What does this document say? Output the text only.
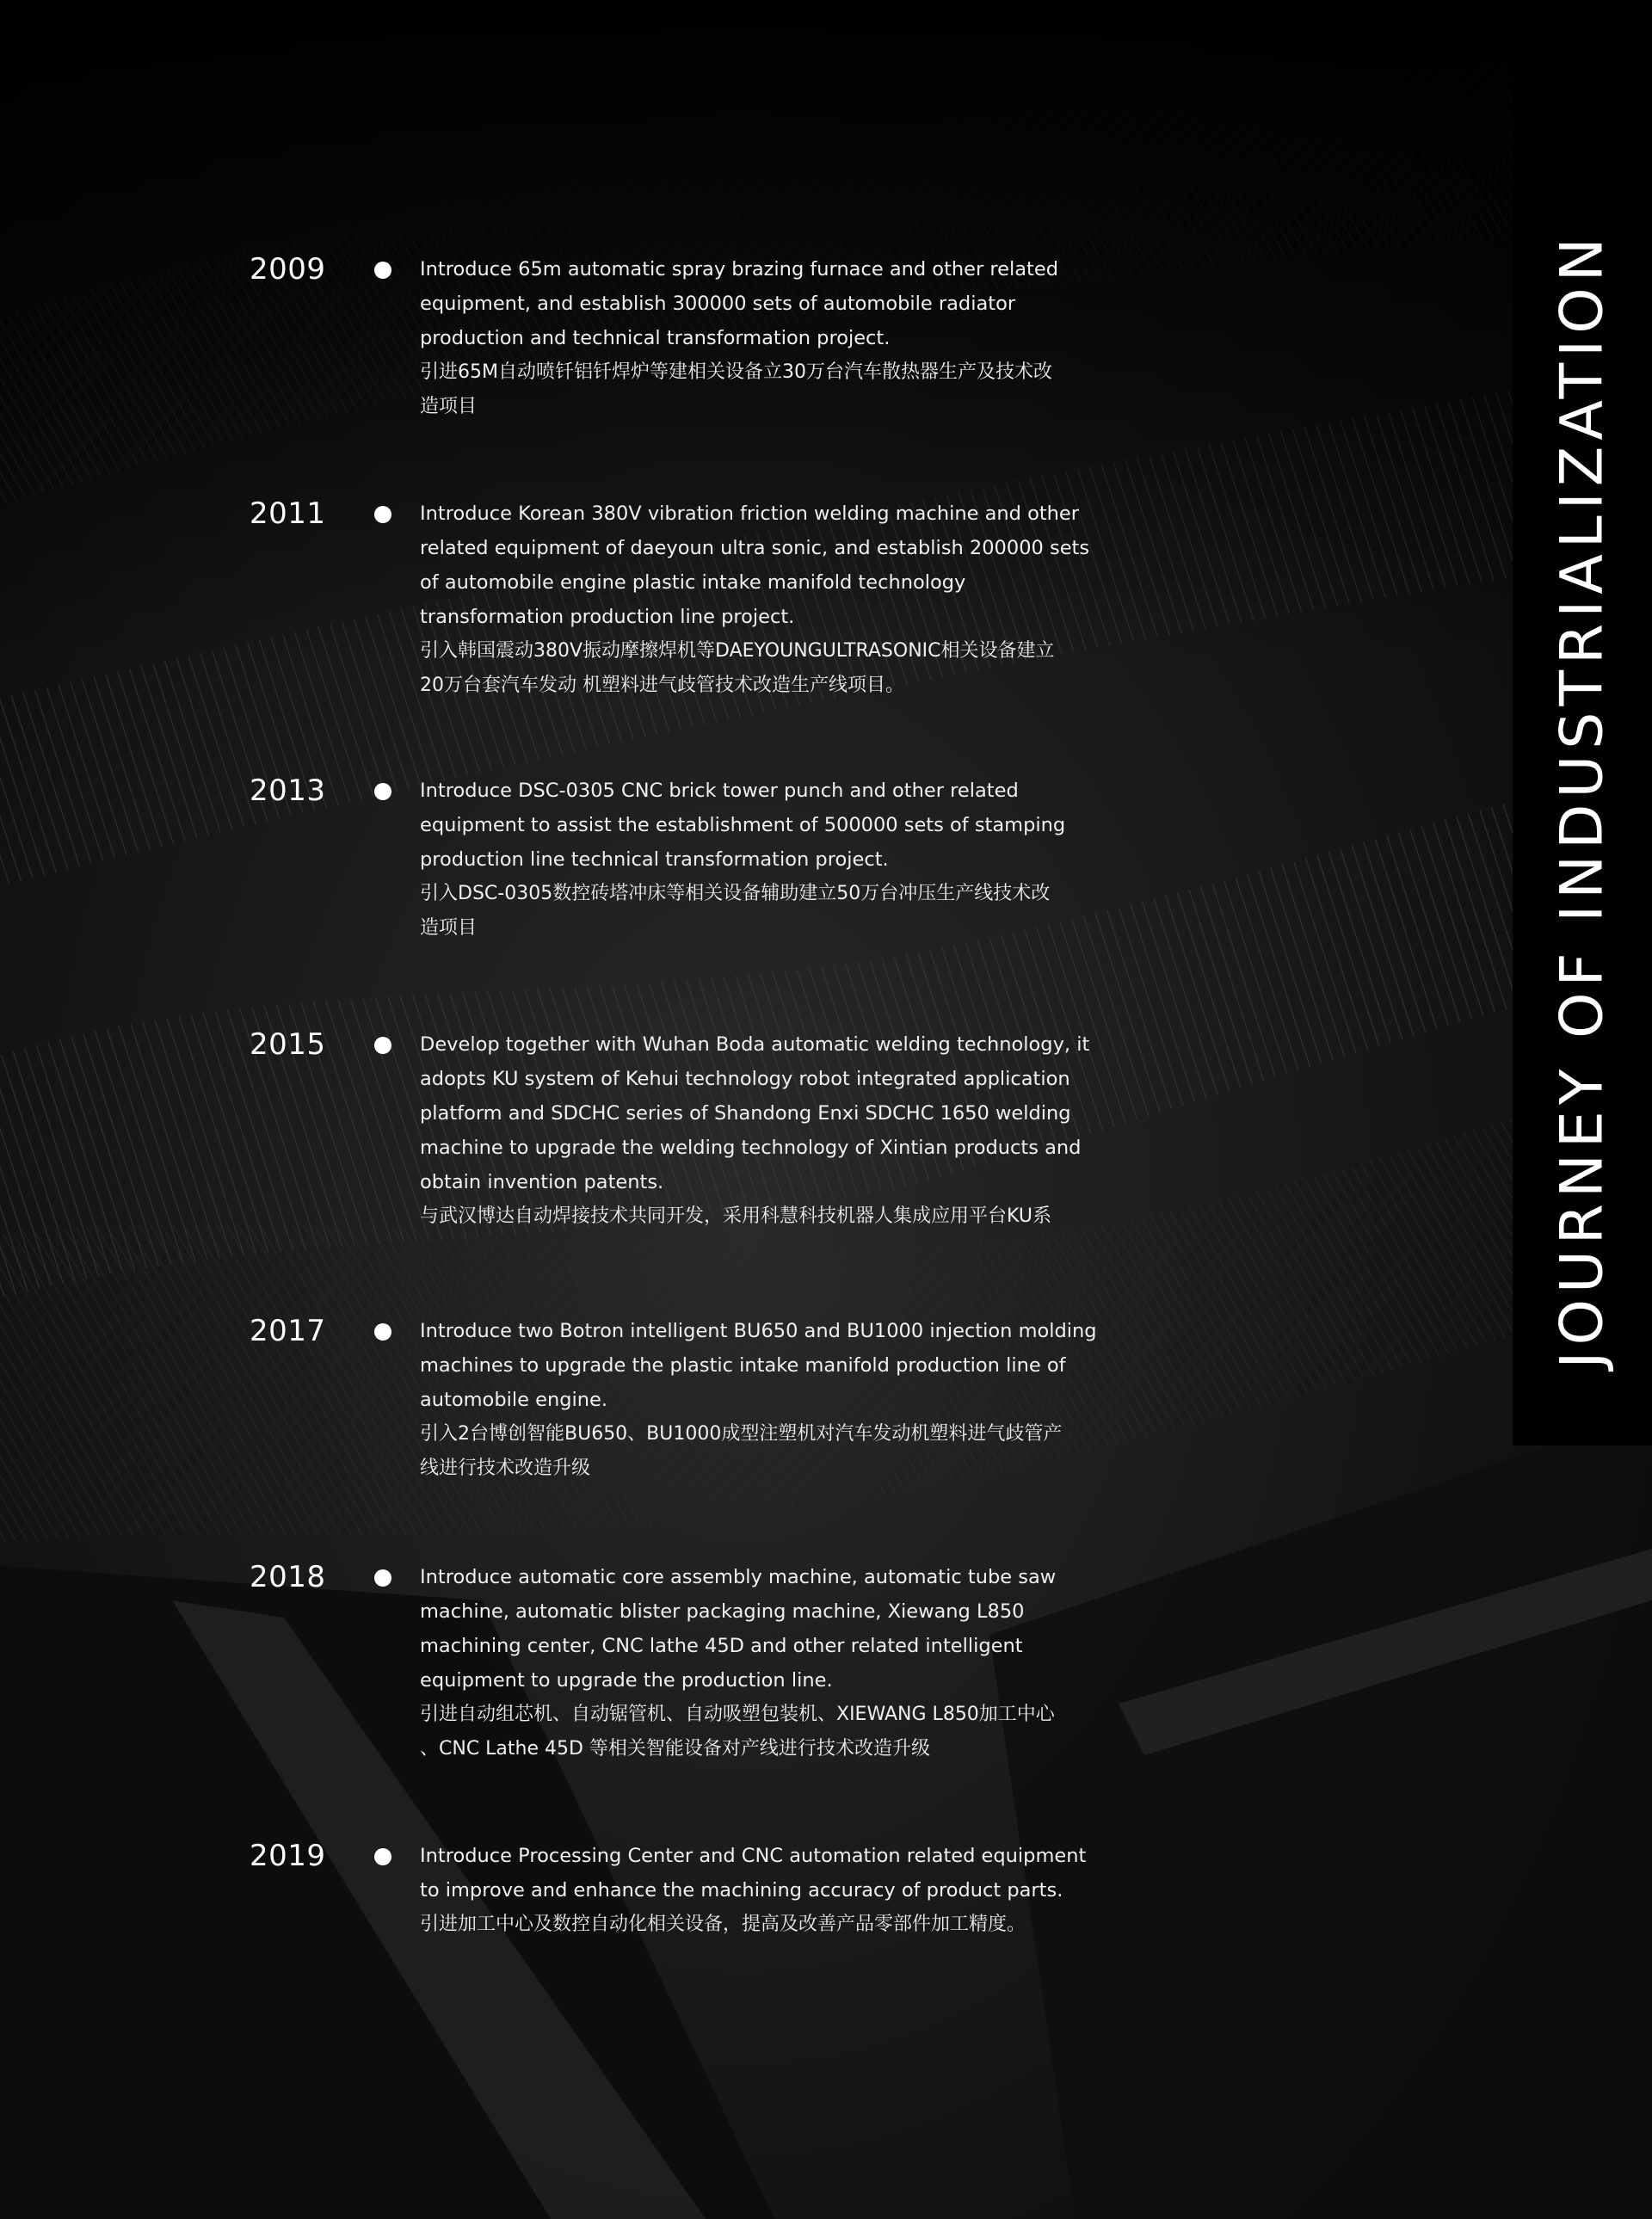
JOURNEY OF INDUSTRIALIZATION
2009	Introduce 65m automatic spray brazing furnace and other related

equipment, and establish 300000 sets of automobile radiator

production and technical transformation project.

引进65M自动喷钎铝钎焊炉等建相关设备立30万台汽车散热器生产及技术改

造项目

2011	Introduce Korean 380V vibration friction welding machine and other

related equipment of daeyoun ultra sonic, and establish 200000 sets

of automobile engine plastic intake manifold technology

transformation production line project.

引入韩国震动380V振动摩擦焊机等DAEYOUNGULTRASONIC相关设备建立

20万台套汽车发动 机塑料进气歧管技术改造生产线项目。

2013	Introduce DSC-0305 CNC brick tower punch and other related

equipment to assist the establishment of 500000 sets of stamping

production line technical transformation project.

引入DSC-0305数控砖塔冲床等相关设备辅助建立50万台冲压生产线技术改

造项目

2015	Develop together with Wuhan Boda automatic welding technology, it

adopts KU system of Kehui technology robot integrated application

platform and SDCHC series of Shandong Enxi SDCHC 1650 welding

machine to upgrade the welding technology of Xintian products and

obtain invention patents.

与武汉博达自动焊接技术共同开发，采用科慧科技机器人集成应用平台KU系

2017	Introduce two Botron intelligent BU650 and BU1000 injection molding

machines to upgrade the plastic intake manifold production line of

automobile engine.

引入2台博创智能BU650、BU1000成型注塑机对汽车发动机塑料进气歧管产

线进行技术改造升级

2018	Introduce automatic core assembly machine, automatic tube saw

machine, automatic blister packaging machine, Xiewang L850

machining center, CNC lathe 45D and other related intelligent

equipment to upgrade the production line.

引进自动组芯机、自动锯管机、自动吸塑包装机、XIEWANG L850加工中心

、CNC Lathe 45D 等相关智能设备对产线进行技术改造升级

2019	Introduce Processing Center and CNC automation related equipment

to improve and enhance the machining accuracy of product parts.

引进加工中心及数控自动化相关设备，提高及改善产品零部件加工精度。
